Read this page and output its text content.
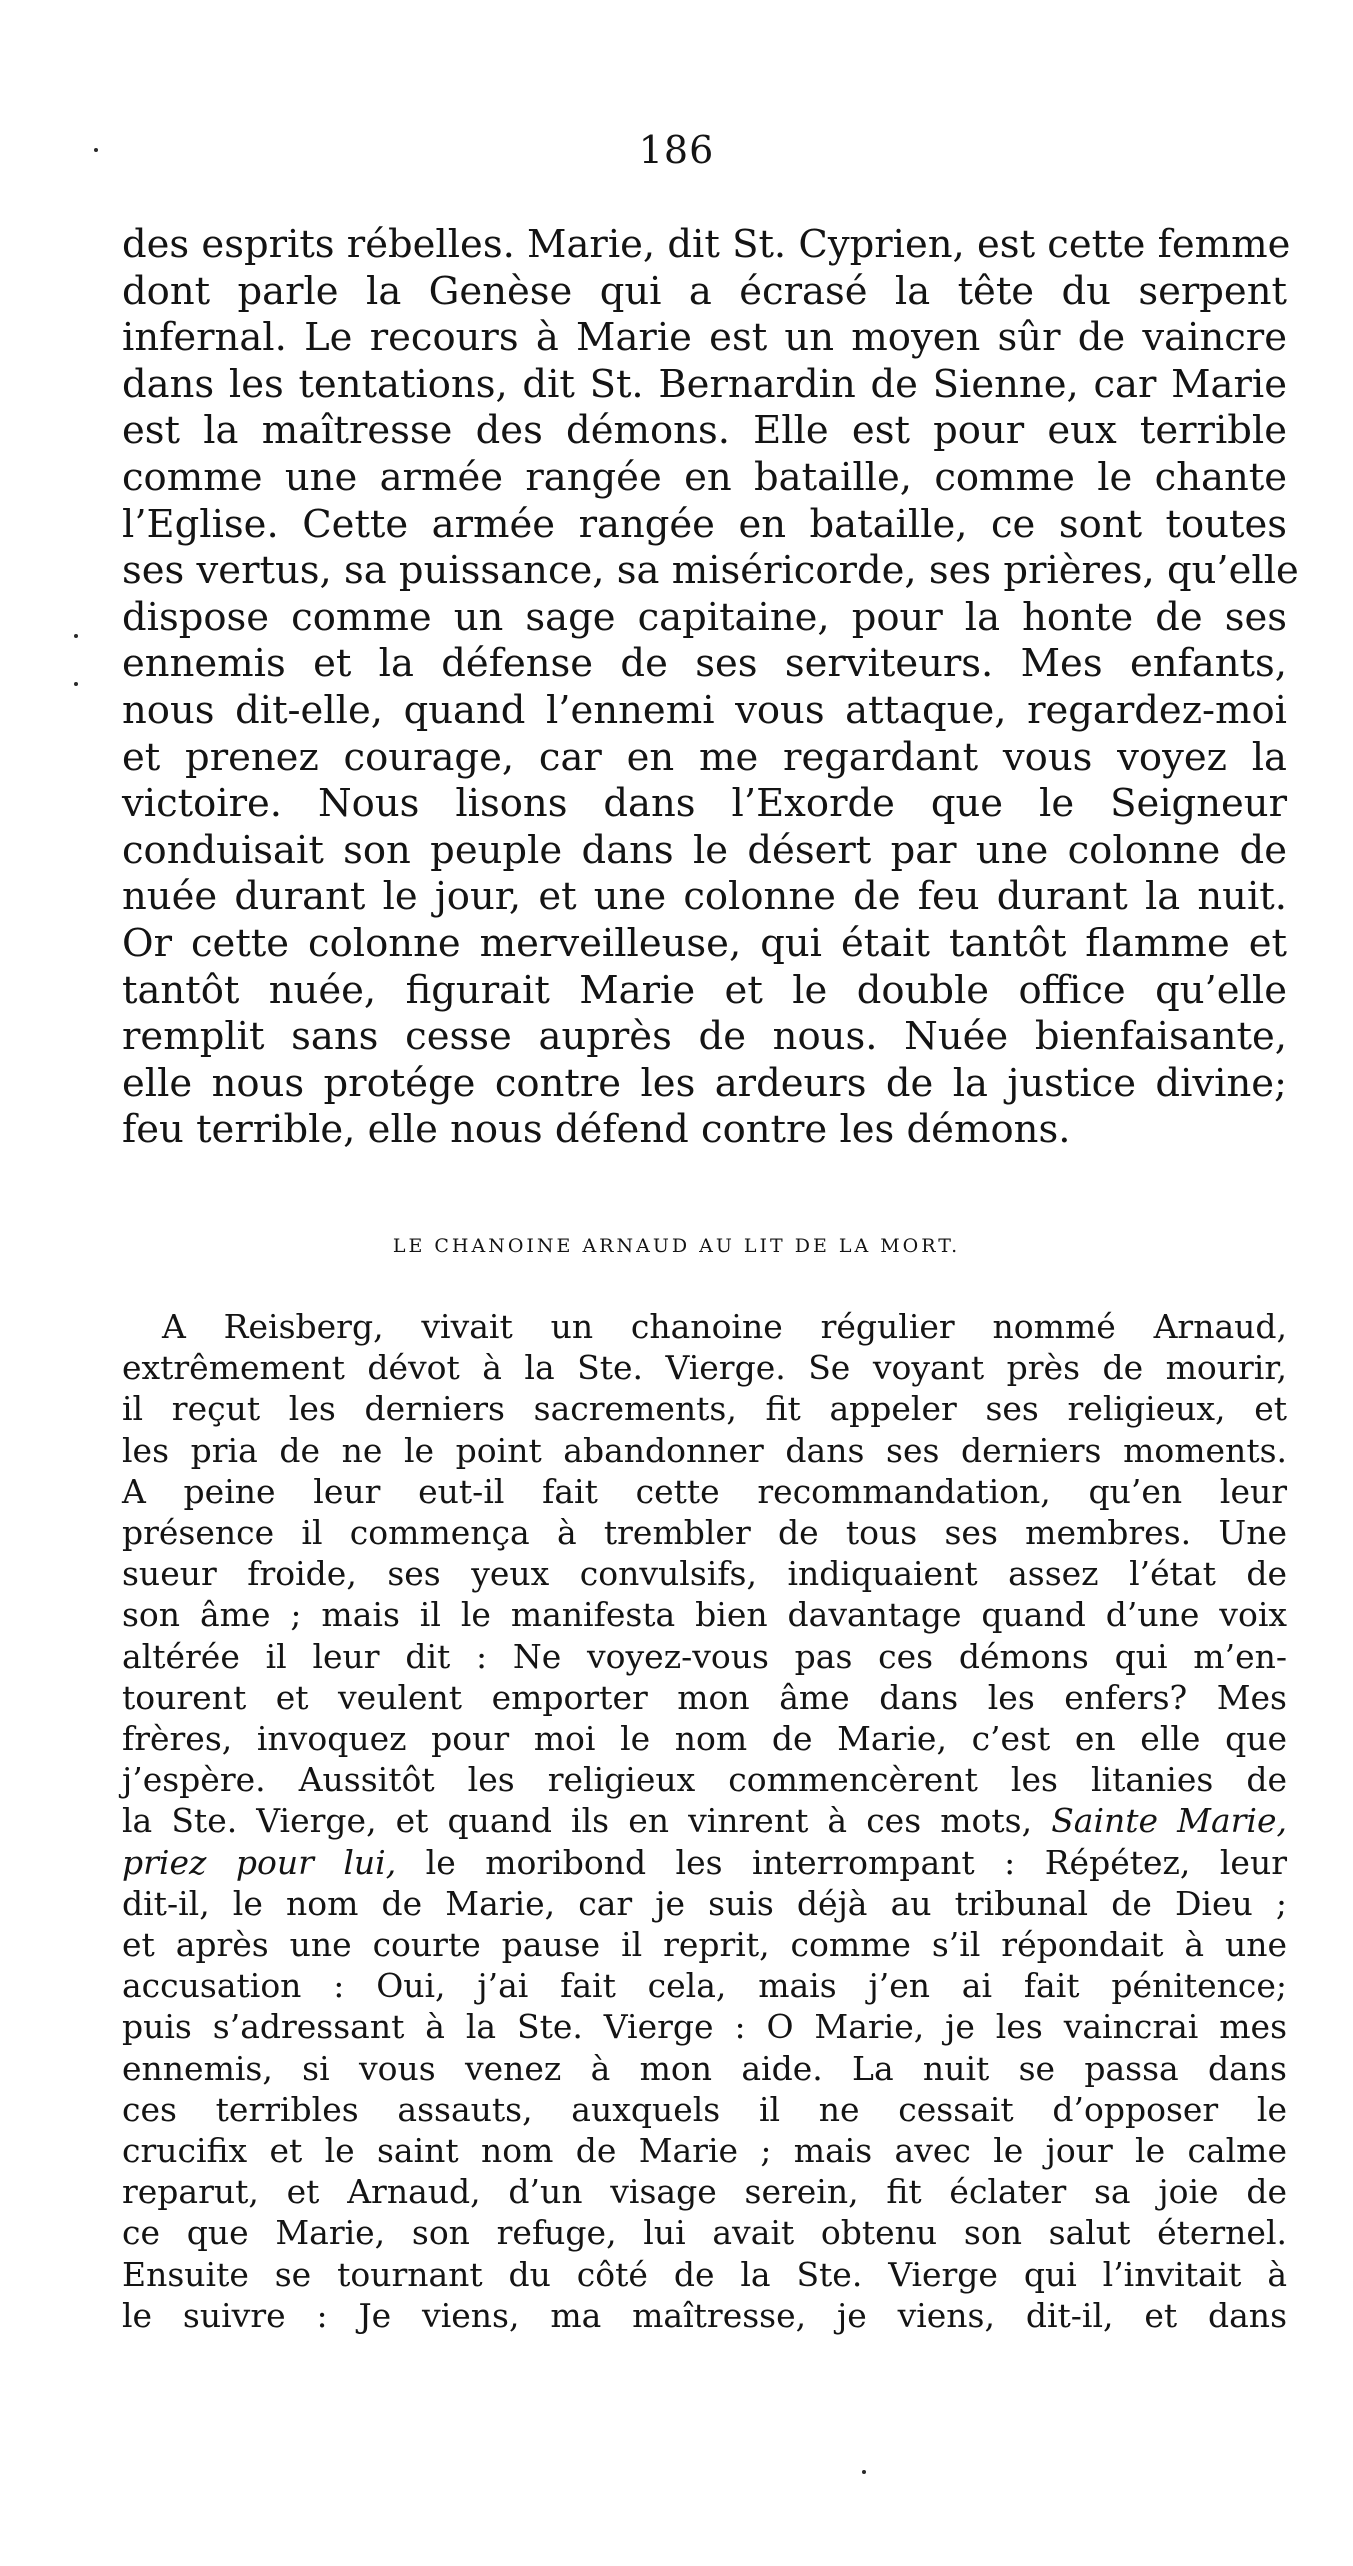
186
des esprits rébelles. Marie, dit St. Cyprien, est cette femme
dont parle la Genèse qui a écrasé la tête du serpent
infernal. Le recours à Marie est un moyen sûr de vaincre
dans les tentations, dit St. Bernardin de Sienne, car Marie
est la maîtresse des démons. Elle est pour eux terrible
comme une armée rangée en bataille, comme le chante
l’Eglise. Cette armée rangée en bataille, ce sont toutes
ses vertus, sa puissance, sa miséricorde, ses prières, qu’elle
dispose comme un sage capitaine, pour la honte de ses
ennemis et la défense de ses serviteurs. Mes enfants,
nous dit-elle, quand l’ennemi vous attaque, regardez-moi
et prenez courage, car en me regardant vous voyez la
victoire. Nous lisons dans l’Exorde que le Seigneur
conduisait son peuple dans le désert par une colonne de
nuée durant le jour, et une colonne de feu durant la nuit.
Or cette colonne merveilleuse, qui était tantôt flamme et
tantôt nuée, figurait Marie et le double office qu’elle
remplit sans cesse auprès de nous. Nuée bienfaisante,
elle nous protége contre les ardeurs de la justice divine;
feu terrible, elle nous défend contre les démons.
LE CHANOINE ARNAUD AU LIT DE LA MORT.
A Reisberg, vivait un chanoine régulier nommé Arnaud,
extrêmement dévot à la Ste. Vierge. Se voyant près de mourir,
il reçut les derniers sacrements, fit appeler ses religieux, et
les pria de ne le point abandonner dans ses derniers moments.
A peine leur eut-il fait cette recommandation, qu’en leur
présence il commença à trembler de tous ses membres. Une
sueur froide, ses yeux convulsifs, indiquaient assez l’état de
son âme ; mais il le manifesta bien davantage quand d’une voix
altérée il leur dit : Ne voyez-vous pas ces démons qui m’en-
tourent et veulent emporter mon âme dans les enfers? Mes
frères, invoquez pour moi le nom de Marie, c’est en elle que
j’espère. Aussitôt les religieux commencèrent les litanies de
la Ste. Vierge, et quand ils en vinrent à ces mots, Sainte Marie,
priez pour lui, le moribond les interrompant : Répétez, leur
dit-il, le nom de Marie, car je suis déjà au tribunal de Dieu ;
et après une courte pause il reprit, comme s’il répondait à une
accusation : Oui, j’ai fait cela, mais j’en ai fait pénitence;
puis s’adressant à la Ste. Vierge : O Marie, je les vaincrai mes
ennemis, si vous venez à mon aide. La nuit se passa dans
ces terribles assauts, auxquels il ne cessait d’opposer le
crucifix et le saint nom de Marie ; mais avec le jour le calme
reparut, et Arnaud, d’un visage serein, fit éclater sa joie de
ce que Marie, son refuge, lui avait obtenu son salut éternel.
Ensuite se tournant du côté de la Ste. Vierge qui l’invitait à
le suivre : Je viens, ma maîtresse, je viens, dit-il, et dans
